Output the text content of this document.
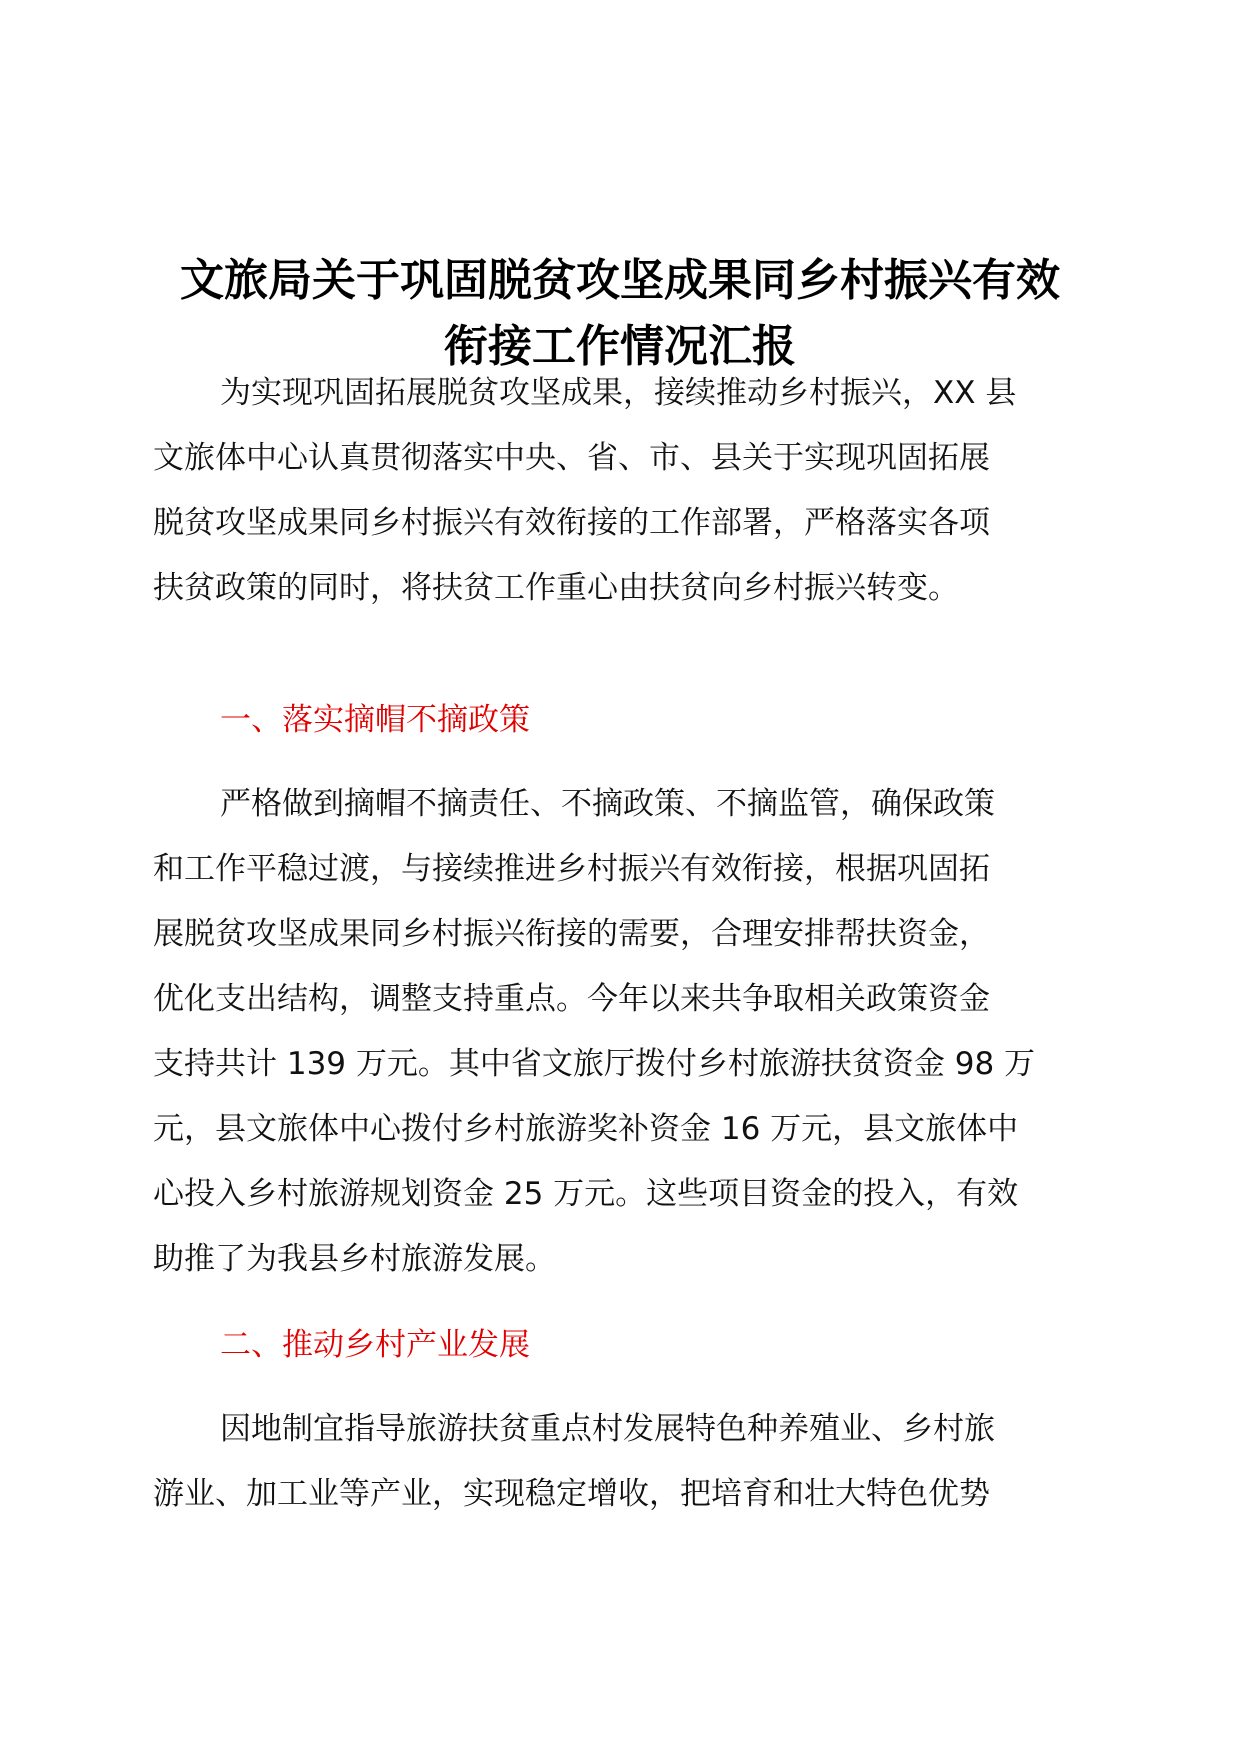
文旅局关于巩固脱贫攻坚成果同乡村振兴有效
衔接工作情况汇报
为实现巩固拓展脱贫攻坚成果，接续推动乡村振兴，XX 县
文旅体中心认真贯彻落实中央、省、市、县关于实现巩固拓展
脱贫攻坚成果同乡村振兴有效衔接的工作部署，严格落实各项
扶贫政策的同时，将扶贫工作重心由扶贫向乡村振兴转变。
一、落实摘帽不摘政策
严格做到摘帽不摘责任、不摘政策、不摘监管，确保政策
和工作平稳过渡，与接续推进乡村振兴有效衔接，根据巩固拓
展脱贫攻坚成果同乡村振兴衔接的需要，合理安排帮扶资金，
优化支出结构，调整支持重点。今年以来共争取相关政策资金
支持共计 139 万元。其中省文旅厅拨付乡村旅游扶贫资金 98 万
元，县文旅体中心拨付乡村旅游奖补资金 16 万元，县文旅体中
心投入乡村旅游规划资金 25 万元。这些项目资金的投入，有效
助推了为我县乡村旅游发展。
二、推动乡村产业发展
因地制宜指导旅游扶贫重点村发展特色种养殖业、乡村旅
游业、加工业等产业，实现稳定增收，把培育和壮大特色优势
